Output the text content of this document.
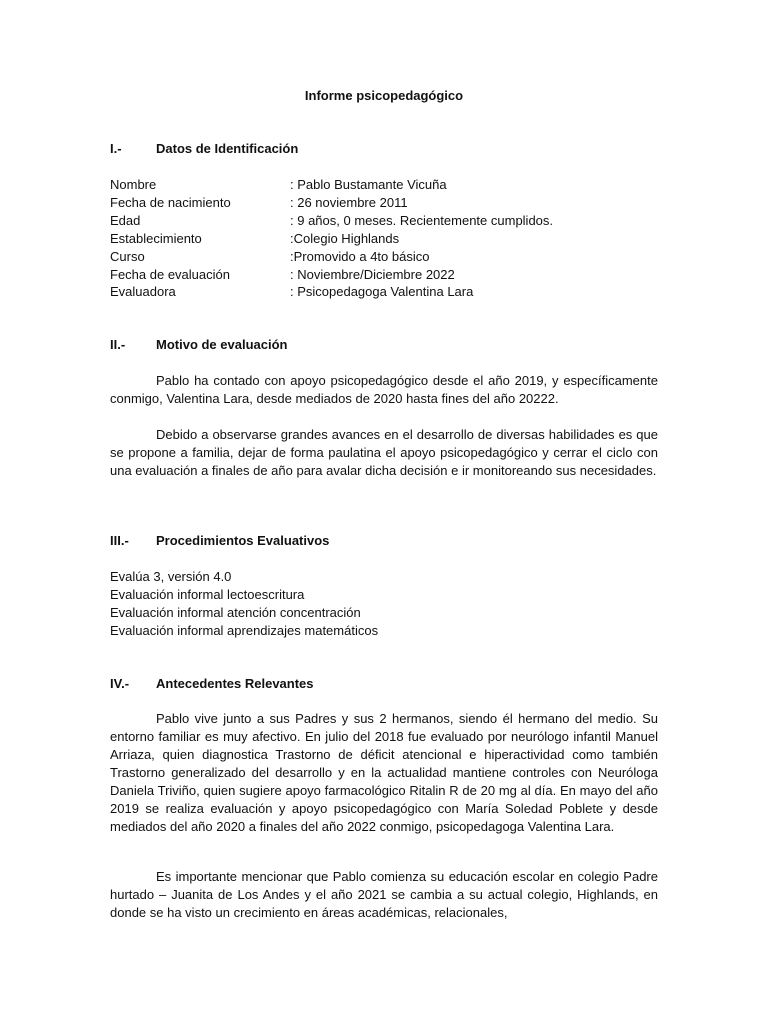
Informe psicopedagógico
I.-	Datos de Identificación
Nombre	: Pablo Bustamante Vicuña
Fecha de nacimiento	: 26 noviembre 2011
Edad	: 9 años, 0 meses. Recientemente cumplidos.
Establecimiento	:Colegio Highlands
Curso	:Promovido a 4to básico
Fecha de evaluación	: Noviembre/Diciembre 2022
Evaluadora	: Psicopedagoga Valentina Lara
II.- Motivo de evaluación

Pablo ha contado con apoyo psicopedagógico desde el año 2019, y específicamente conmigo, Valentina Lara, desde mediados de 2020 hasta fines del año 20222.

Debido a observarse grandes avances en el desarrollo de diversas habilidades es que se propone a familia, dejar de forma paulatina el apoyo psicopedagógico y cerrar el ciclo con una evaluación a finales de año para avalar dicha decisión e ir monitoreando sus necesidades.

III.- Procedimientos Evaluativos
Evalúa 3, versión 4.0
Evaluación informal lectoescritura
Evaluación informal atención concentración
Evaluación informal aprendizajes matemáticos
IV.- Antecedentes Relevantes

Pablo vive junto a sus Padres y sus 2 hermanos, siendo él hermano del medio. Su entorno familiar es muy afectivo. En julio del 2018 fue evaluado por neurólogo infantil Manuel Arriaza, quien diagnostica Trastorno de déficit atencional e hiperactividad como también Trastorno generalizado del desarrollo y en la actualidad mantiene controles con Neuróloga Daniela Triviño, quien sugiere apoyo farmacológico Ritalin R de 20 mg al día. En mayo del año 2019 se realiza evaluación y apoyo psicopedagógico con María Soledad Poblete y desde mediados del año 2020 a finales del año 2022 conmigo, psicopedagoga Valentina Lara.

Es importante mencionar que Pablo comienza su educación escolar en colegio Padre hurtado – Juanita de Los Andes y el año 2021 se cambia a su actual colegio, Highlands, en donde se ha visto un crecimiento en áreas académicas, relacionales,
